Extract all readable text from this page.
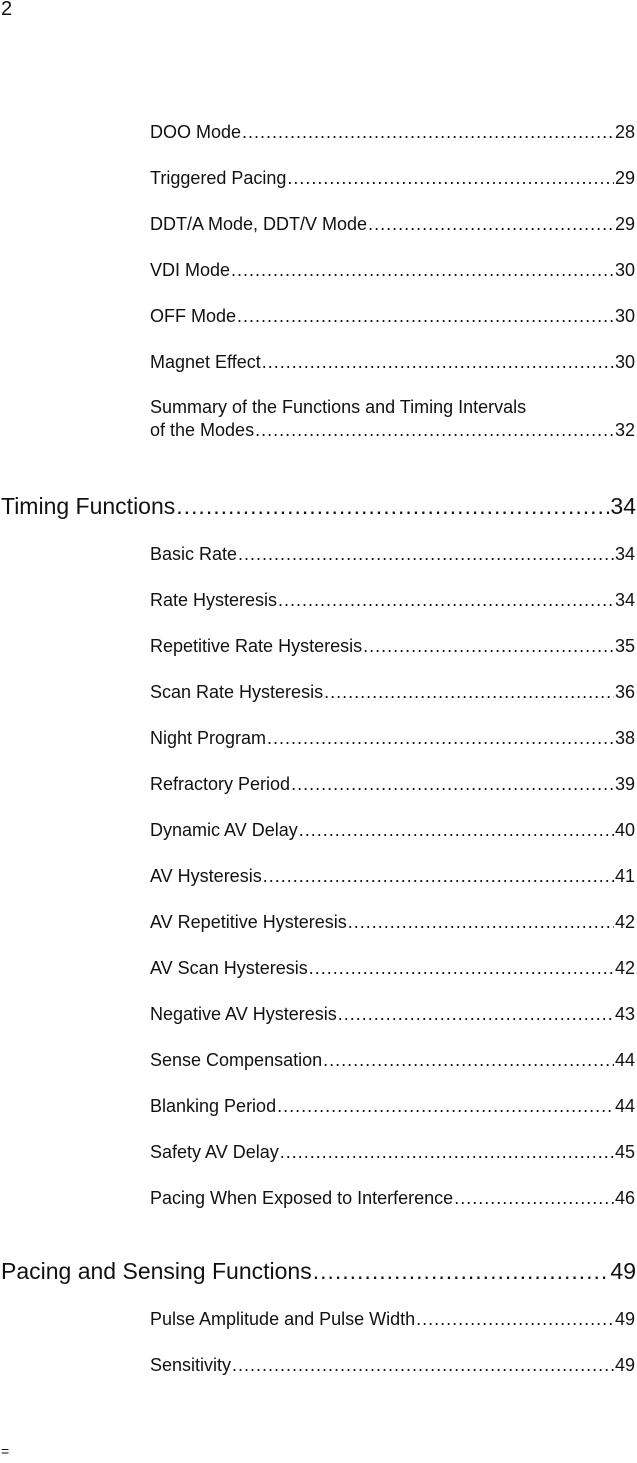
2
DOO Mode .....	28
Triggered Pacing .....	29
DDT/A Mode, DDT/V Mode .....	29
VDI Mode .....	30
OFF Mode .....	30
Magnet Effect .....	30
Summary of the Functions and Timing Intervals
of the Modes .....	32
Timing Functions .....	34
Basic Rate .....	34
Rate Hysteresis .....	34
Repetitive Rate Hysteresis .....	35
Scan Rate Hysteresis .....	36
Night Program .....	38
Refractory Period .....	39
Dynamic AV Delay .....	40
AV Hysteresis .....	41
AV Repetitive Hysteresis .....	42
AV Scan Hysteresis .....	42
Negative AV Hysteresis .....	43
Sense Compensation .....	44
Blanking Period .....	44
Safety AV Delay .....	45
Pacing When Exposed to Interference .....	46
Pacing and Sensing Functions .....	49
Pulse Amplitude and Pulse Width .....	49
Sensitivity .....	49
=
